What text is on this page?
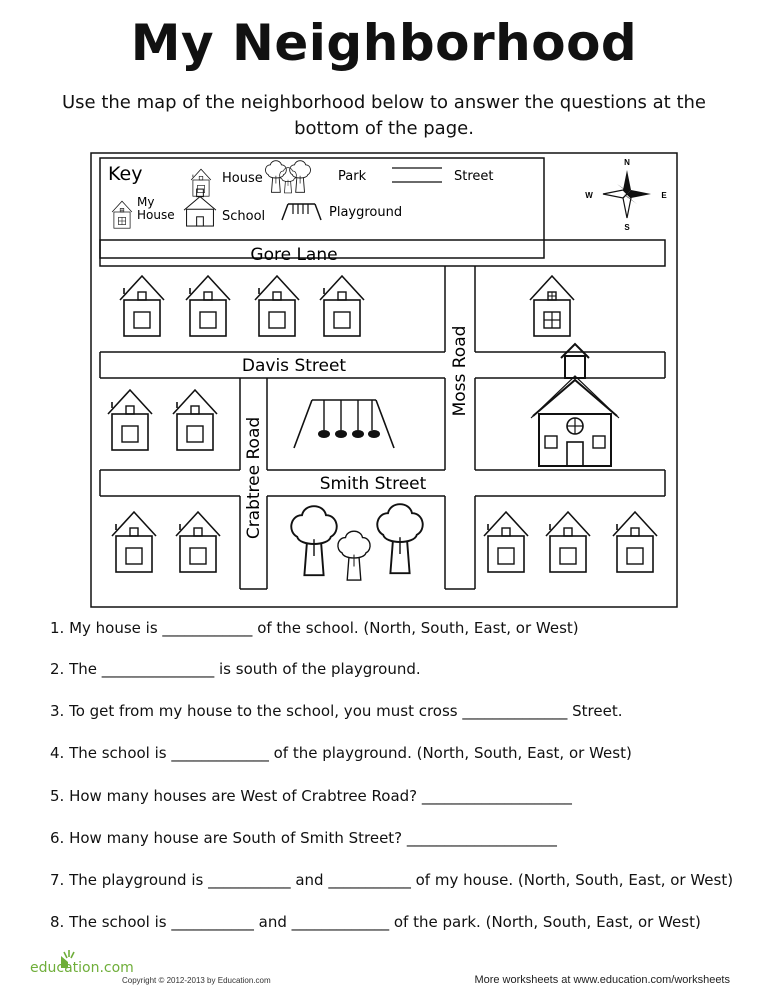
My Neighborhood
Use the map of the neighborhood below to answer the questions at the bottom of the page.
Key	House	Park	Street
My
House	School	Playground
N
S
W	E
Gore Lane
Davis Street
Smith Street
Moss Road
Crabtree Road
1. My house is ____________ of the school. (North, South, East, or West)
2. The _______________ is south of the playground.
3. To get from my house to the school, you must cross ______________ Street.
4. The school is _____________ of the playground. (North, South, East, or West)
5. How many houses are West of Crabtree Road? ____________________
6. How many house are South of Smith Street? ____________________
7. The playground is ___________ and ___________ of my house. (North, South, East, or West)
8. The school is ___________ and _____________ of the park. (North, South, East, or West)
education.com
Copyright © 2012-2013 by Education.com	More worksheets at www.education.com/worksheets
